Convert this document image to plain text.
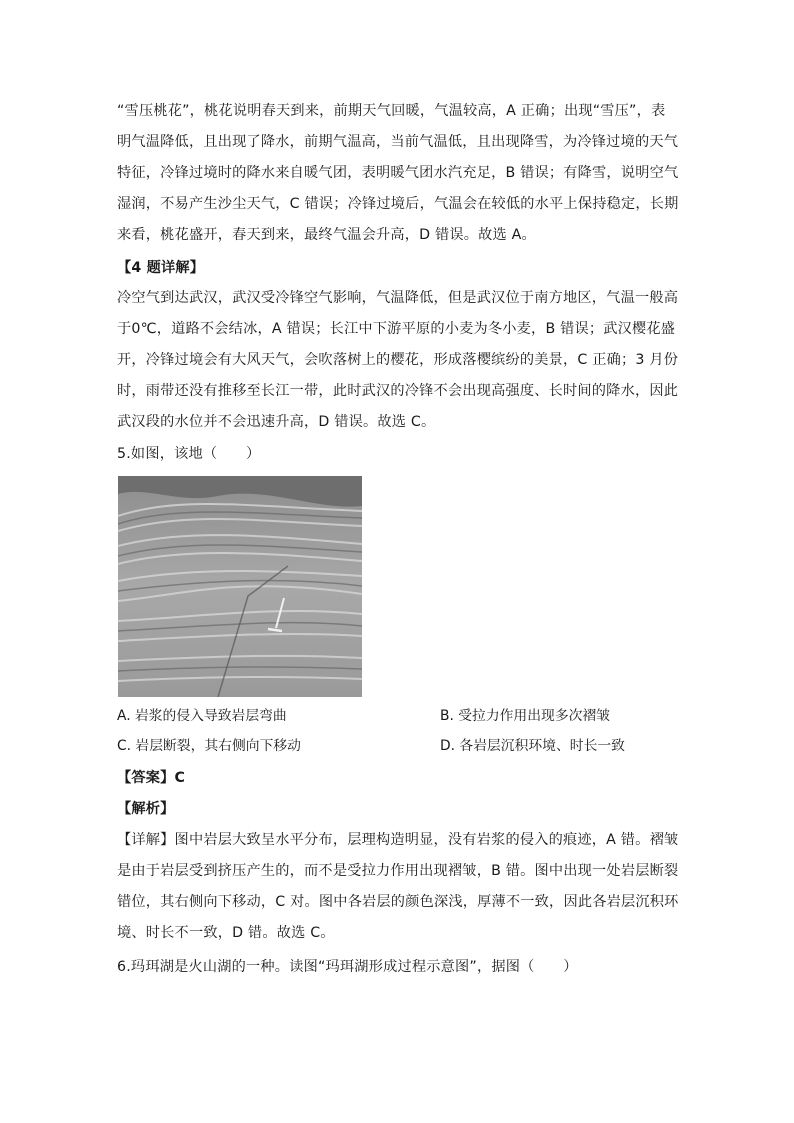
“雪压桃花”，桃花说明春天到来，前期天气回暖，气温较高，A 正确；出现“雪压”，表明气温降低，且出现了降水，前期气温高，当前气温低，且出现降雪，为冷锋过境的天气特征，冷锋过境时的降水来自暖气团，表明暖气团水汽充足，B 错误；有降雪，说明空气湿润，不易产生沙尘天气，C 错误；冷锋过境后，气温会在较低的水平上保持稳定，长期来看，桃花盛开，春天到来，最终气温会升高，D 错误。故选 A。

【4 题详解】

冷空气到达武汉，武汉受冷锋空气影响，气温降低，但是武汉位于南方地区，气温一般高于0℃，道路不会结冰，A 错误；长江中下游平原的小麦为冬小麦，B 错误；武汉樱花盛开，冷锋过境会有大风天气，会吹落树上的樱花，形成落樱缤纷的美景，C 正确；3 月份时，雨带还没有推移至长江一带，此时武汉的冷锋不会出现高强度、长时间的降水，因此武汉段的水位并不会迅速升高，D 错误。故选 C。

5.如图，该地（　　）

A. 岩浆的侵入导致岩层弯曲	B. 受拉力作用出现多次褶皱
C. 岩层断裂，其右侧向下移动	D. 各岩层沉积环境、时长一致

【答案】C

【解析】

【详解】图中岩层大致呈水平分布，层理构造明显，没有岩浆的侵入的痕迹，A 错。褶皱是由于岩层受到挤压产生的，而不是受拉力作用出现褶皱，B 错。图中出现一处岩层断裂错位，其右侧向下移动，C 对。图中各岩层的颜色深浅，厚薄不一致，因此各岩层沉积环境、时长不一致，D 错。故选 C。

6.玛珥湖是火山湖的一种。读图“玛珥湖形成过程示意图”，据图（　　）
